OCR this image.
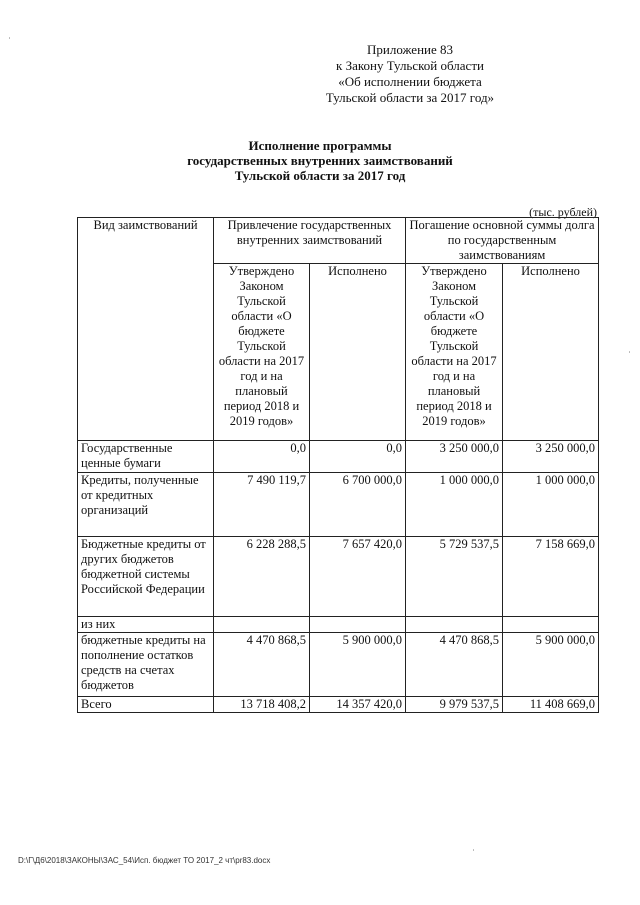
Приложение 83
к Закону Тульской области
«Об исполнении бюджета
Тульской области за 2017 год»
Исполнение программы
государственных внутренних заимствований
Тульской области за 2017 год
(тыс. рублей)
Вид заимствований	Привлечение государственных внутренних заимствований		Погашение основной суммы долга по государственным заимствованиям	
	Утверждено Законом Тульской области «О бюджете Тульской области на 2017 год и на плановый период 2018 и 2019 годов»	Исполнено	Утверждено Законом Тульской области «О бюджете Тульской области на 2017 год и на плановый период 2018 и 2019 годов»	Исполнено
Государственные ценные бумаги	0,0	0,0	3 250 000,0	3 250 000,0
Кредиты, полученные от кредитных организаций	7 490 119,7	6 700 000,0	1 000 000,0	1 000 000,0
Бюджетные кредиты от других бюджетов бюджетной системы Российской Федерации	6 228 288,5	7 657 420,0	5 729 537,5	7 158 669,0
из них				
бюджетные кредиты на пополнение остатков средств на счетах бюджетов	4 470 868,5	5 900 000,0	4 470 868,5	5 900 000,0
Всего	13 718 408,2	14 357 420,0	9 979 537,5	11 408 669,0
˙
˙
˙
D:\Г\Д6\2018\ЗАКОНЫ\ЗАС_54\Исп. бюджет ТО 2017_2 чт\pr83.docx
